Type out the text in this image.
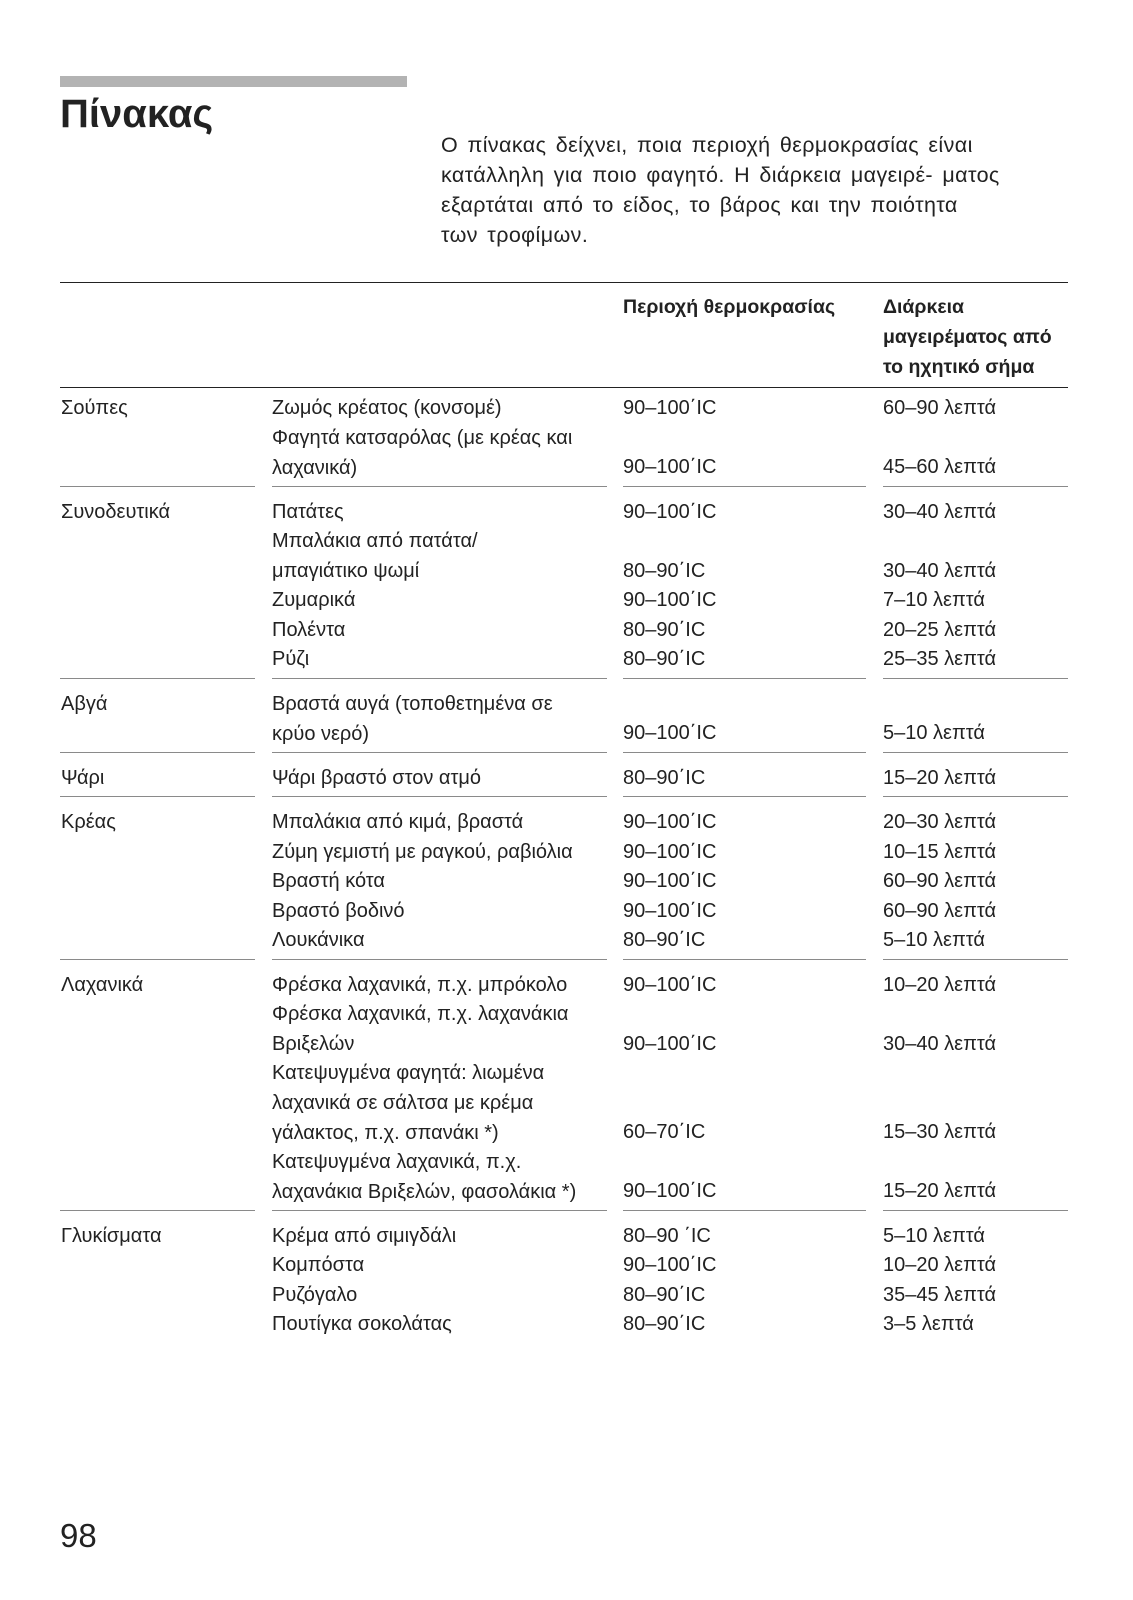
Πίνακας

Ο πίνακας δείχνει, ποια περιοχή θερμοκρασίας είναι

κατάλληλη για ποιο φαγητό. Η διάρκεια μαγειρέ- ματος

εξαρτάται από το είδος, το βάρος και την ποιότητα

των τροφίμων.

Περιοχή θερμοκρασίας Διάρκεια
μαγειρέματος από
το ηχητικό σήμα
Σούπες	Ζωμός κρέατος (κονσομέ)	90–100΄ΙC	60–90 λεπτά
Φαγητά κατσαρόλας (με κρέας και
λαχανικά)	90–100΄ΙC	45–60 λεπτά
Συνοδευτικά	Πατάτες	90–100΄ΙC	30–40 λεπτά
Μπαλάκια από πατάτα/
μπαγιάτικο ψωμί	80–90΄ΙC	30–40 λεπτά
Ζυμαρικά	90–100΄ΙC	7–10 λεπτά
Πολέντα	80–90΄ΙC	20–25 λεπτά
Ρύζι	80–90΄ΙC	25–35 λεπτά
Αβγά	Βραστά αυγά (τοποθετημένα σε
κρύο νερό)	90–100΄ΙC	5–10 λεπτά
Ψάρι	Ψάρι βραστό στον ατμό	80–90΄ΙC	15–20 λεπτά
Κρέας	Μπαλάκια από κιμά, βραστά	90–100΄ΙC	20–30 λεπτά
Ζύμη γεμιστή με ραγκού, ραβιόλια	90–100΄ΙC	10–15 λεπτά
Βραστή κότα	90–100΄ΙC	60–90 λεπτά
Βραστό βοδινό	90–100΄ΙC	60–90 λεπτά
Λουκάνικα	80–90΄ΙC	5–10 λεπτά
Λαχανικά	Φρέσκα λαχανικά, π.χ. μπρόκολο	90–100΄ΙC	10–20 λεπτά
Φρέσκα λαχανικά, π.χ. λαχανάκια
Βριξελών	90–100΄ΙC	30–40 λεπτά
Κατεψυγμένα φαγητά: λιωμένα
λαχανικά σε σάλτσα με κρέμα
γάλακτος, π.χ. σπανάκι *)	60–70΄ΙC	15–30 λεπτά
Κατεψυγμένα λαχανικά, π.χ.
λαχανάκια Βριξελών, φασολάκια *) 90–100΄ΙC	15–20 λεπτά
Γλυκίσματα	Κρέμα από σιμιγδάλι	80–90 ΄ΙC	5–10 λεπτά
Κομπόστα	90–100΄ΙC	10–20 λεπτά
Ρυζόγαλο	80–90΄ΙC	35–45 λεπτά
Πουτίγκα σοκολάτας	80–90΄ΙC	3–5 λεπτά
98
